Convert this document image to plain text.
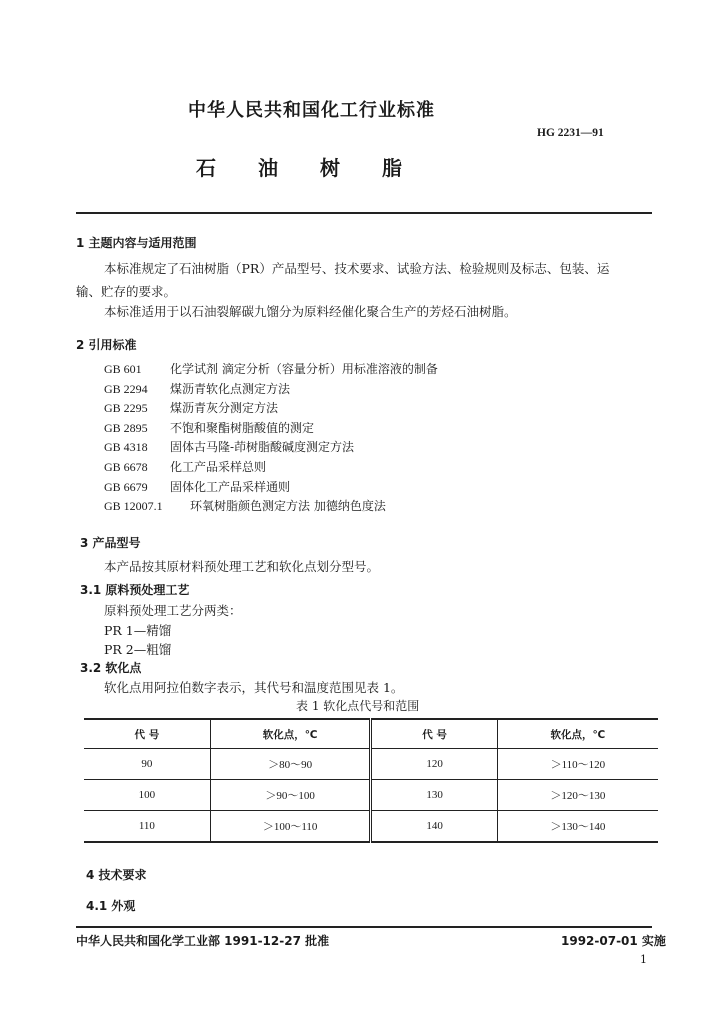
中华人民共和国化工行业标准
HG 2231—91
石 油 树 脂
1 主题内容与适用范围
本标准规定了石油树脂（PR）产品型号、技术要求、试验方法、检验规则及标志、包装、运
输、贮存的要求。
本标准适用于以石油裂解碳九馏分为原料经催化聚合生产的芳烃石油树脂。
2 引用标准
GB 601	化学试剂 滴定分析（容量分析）用标准溶液的制备
GB 2294	煤沥青软化点测定方法
GB 2295	煤沥青灰分测定方法
GB 2895	不饱和聚酯树脂酸值的测定
GB 4318	固体古马隆-茚树脂酸碱度测定方法
GB 6678	化工产品采样总则
GB 6679	固体化工产品采样通则
GB 12007.1	环氧树脂颜色测定方法 加德纳色度法
3 产品型号
本产品按其原材料预处理工艺和软化点划分型号。
3.1 原料预处理工艺
原料预处理工艺分两类：
PR 1—精馏
PR 2—粗馏
3.2 软化点
软化点用阿拉伯数字表示，其代号和温度范围见表 1。
表 1 软化点代号和范围
代 号	软化点，℃	代 号	软化点，℃
90	＞80～90	120	＞110～120
100	＞90～100	130	＞120～130
110	＞100～110	140	＞130～140
4 技术要求
4.1 外观
中华人民共和国化学工业部 1991-12-27 批准	1992-07-01 实施
1
